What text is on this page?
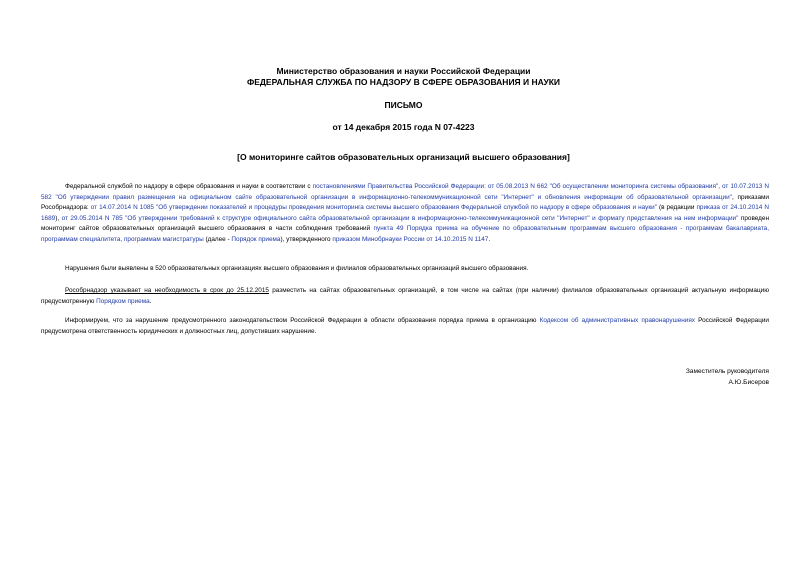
Министерство образования и науки Российской Федерации
ФЕДЕРАЛЬНАЯ СЛУЖБА ПО НАДЗОРУ В СФЕРЕ ОБРАЗОВАНИЯ И НАУКИ
ПИСЬМО
от 14 декабря 2015 года N 07-4223
[О мониторинге сайтов образовательных организаций высшего образования]

Федеральной службой по надзору в сфере образования и науки в соответствии с постановлениями Правительства Российской Федерации: от 05.08.2013 N 662 "Об осуществлении мониторинга системы образования", от 10.07.2013 N 582 "Об утверждении правил размещения на официальном сайте образовательной организации в информационно-телекоммуникационной сети "Интернет" и обновления информации об образовательной организации", приказами Рособрнадзора: от 14.07.2014 N 1085 "Об утверждении показателей и процедуры проведения мониторинга системы высшего образования Федеральной службой по надзору в сфере образования и науки" (в редакции приказа от 24.10.2014 N 1689), от 29.05.2014 N 785 "Об утверждении требований к структуре официального сайта образовательной организации в информационно-телекоммуникационной сети "Интернет" и формату представления на нем информации" проведен мониторинг сайтов образовательных организаций высшего образования в части соблюдения требований пункта 49 Порядка приема на обучение по образовательным программам высшего образования - программам бакалавриата, программам специалитета, программам магистратуры (далее - Порядок приема), утвержденного приказом Минобрнауки России от 14.10.2015 N 1147.

Нарушения были выявлены в 520 образовательных организациях высшего образования и филиалов образовательных организаций высшего образования.

Рособрнадзор указывает на необходимость в срок до 25.12.2015 разместить на сайтах образовательных организаций, в том числе на сайтах (при наличии) филиалов образовательных организаций актуальную информацию предусмотренную Порядком приема.

Информируем, что за нарушение предусмотренного законодательством Российской Федерации в области образования порядка приема в организацию Кодексом об административных правонарушениях Российской Федерации предусмотрена ответственность юридических и должностных лиц, допустивших нарушение.

Заместитель руководителя
А.Ю.Бисеров
